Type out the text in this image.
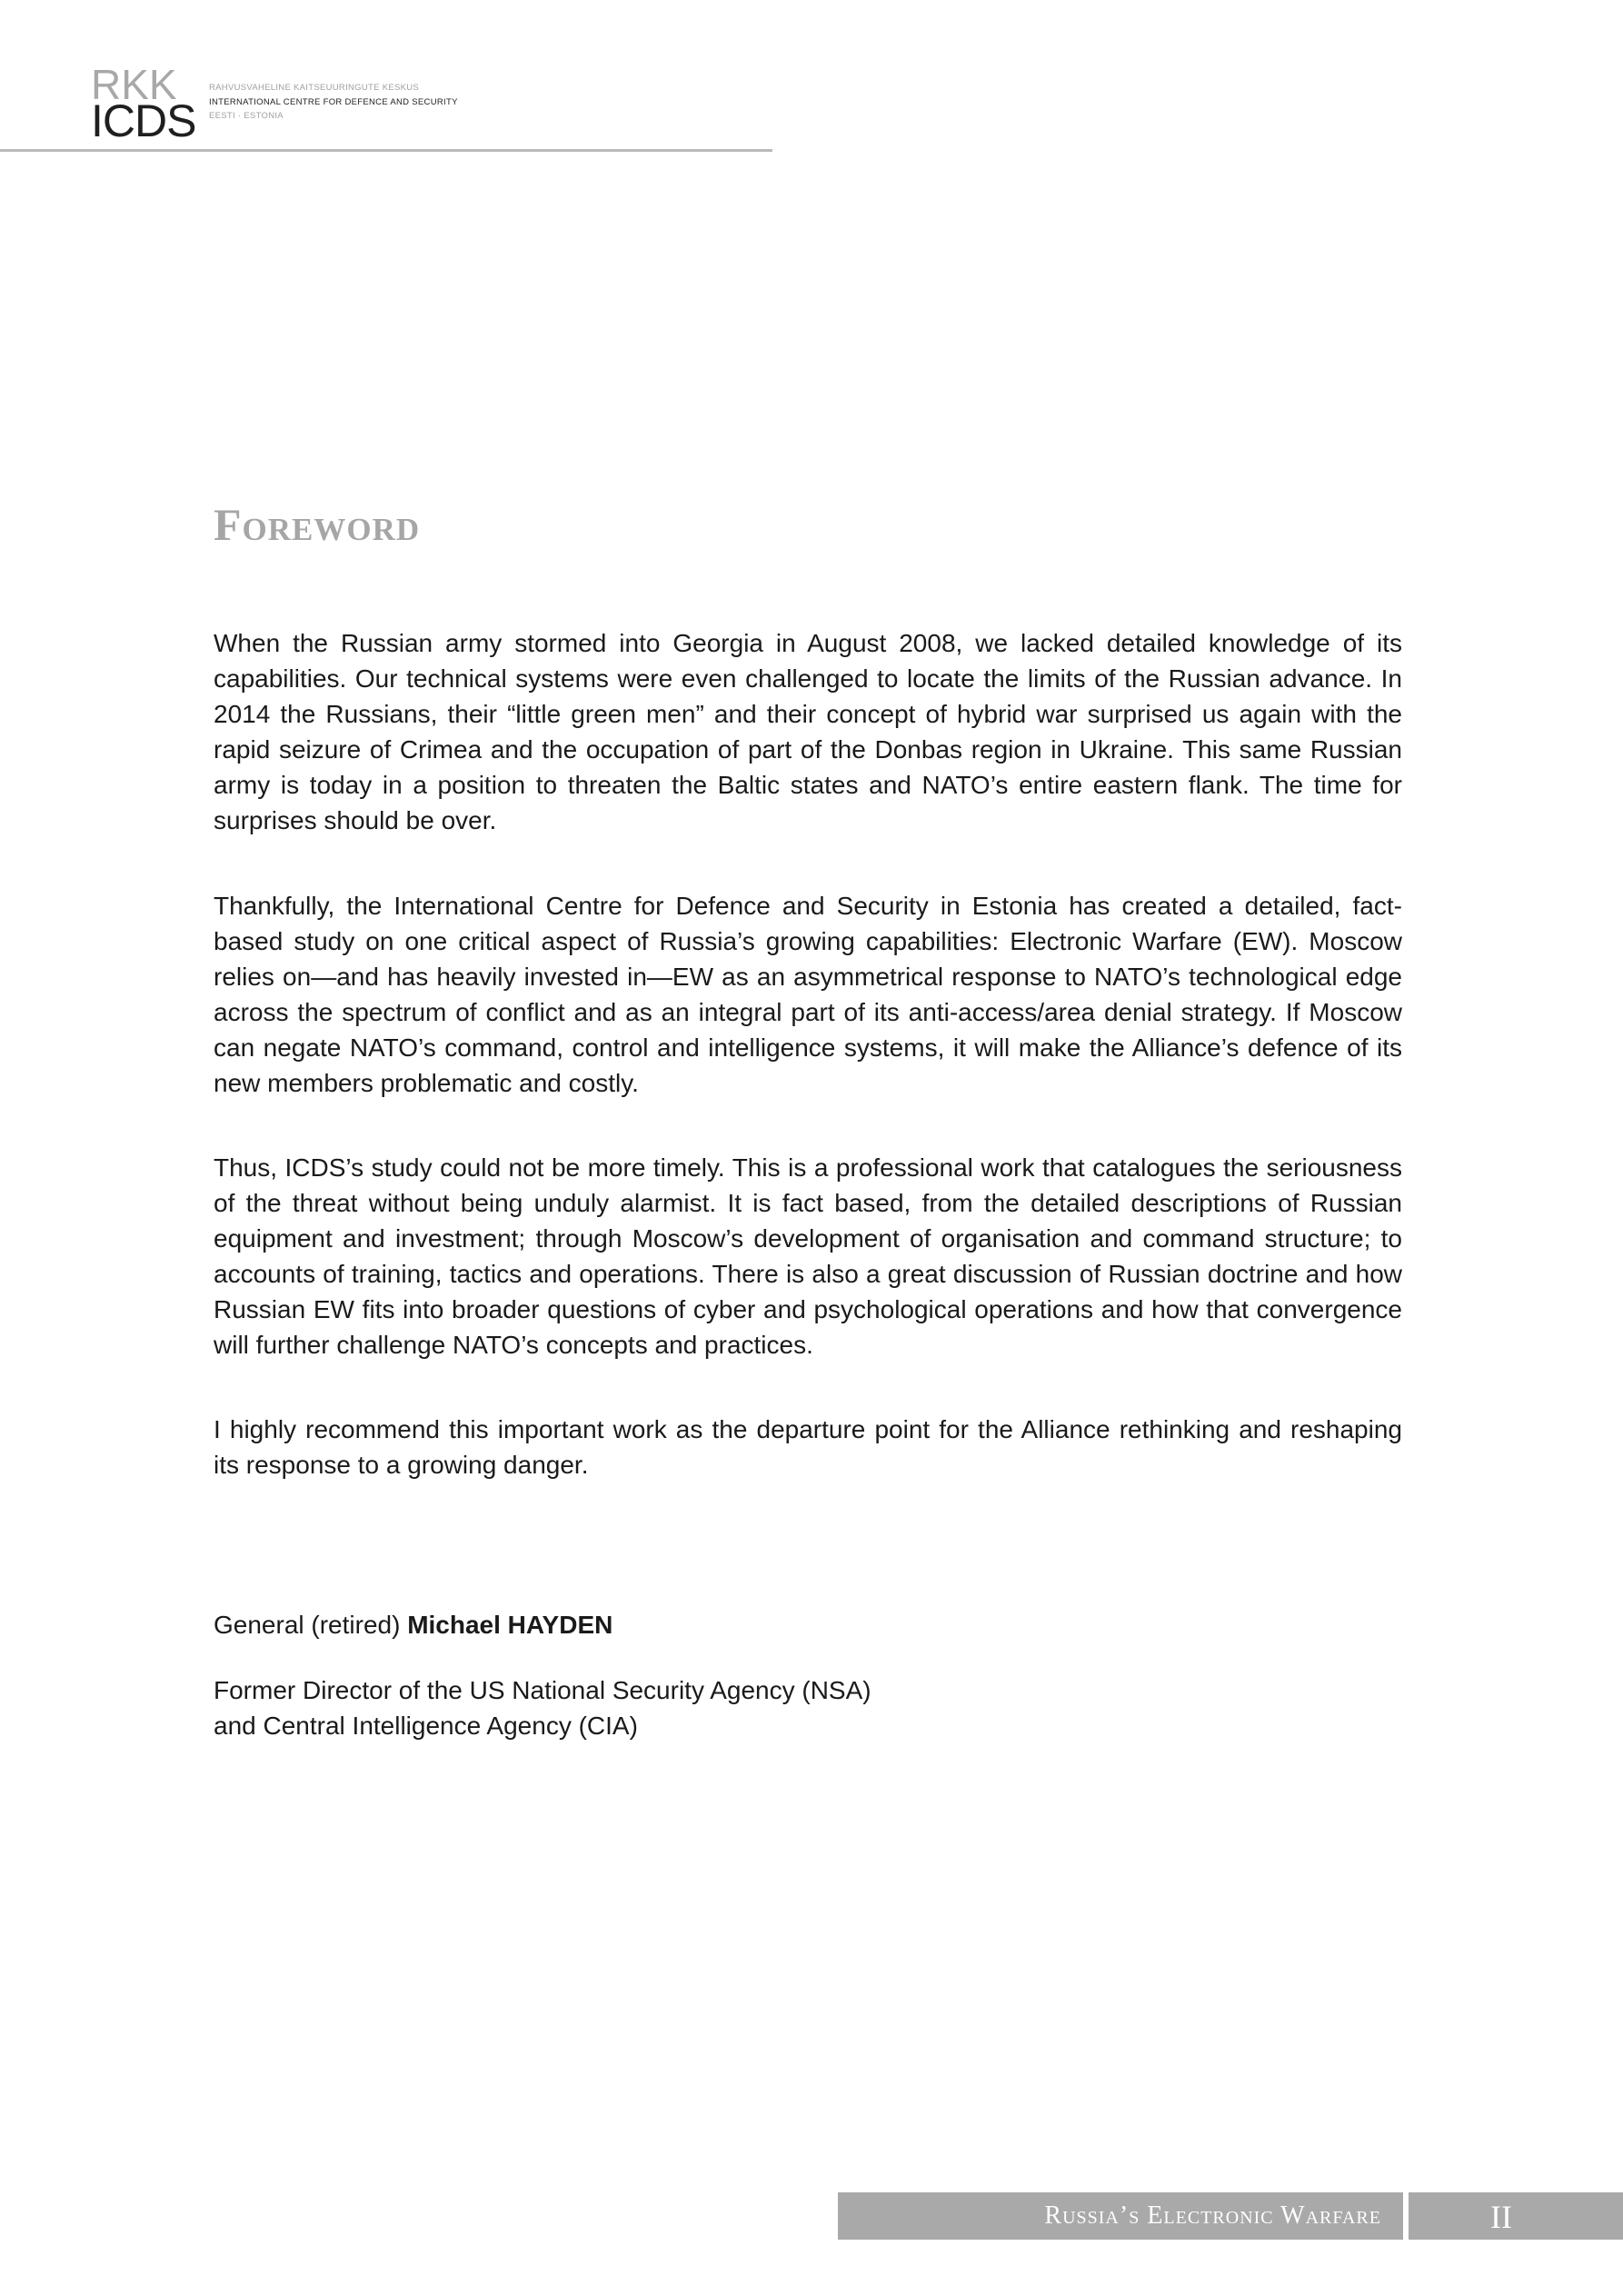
RKK
ICDS
RAHVUSVAHELINE KAITSEUURINGUTE KESKUS
INTERNATIONAL CENTRE FOR DEFENCE AND SECURITY
EESTI · ESTONIA
Foreword

When the Russian army stormed into Georgia in August 2008, we lacked detailed knowledge of its capabilities. Our technical systems were even challenged to locate the limits of the Russian advance. In 2014 the Russians, their “little green men” and their concept of hybrid war surprised us again with the rapid seizure of Crimea and the occupation of part of the Donbas region in Ukraine. This same Russian army is today in a position to threaten the Baltic states and NATO’s entire eastern flank. The time for surprises should be over.

Thankfully, the International Centre for Defence and Security in Estonia has created a detailed, fact-based study on one critical aspect of Russia’s growing capabilities: Electronic Warfare (EW). Moscow relies on—and has heavily invested in—EW as an asymmetrical response to NATO’s technological edge across the spectrum of conflict and as an integral part of its anti-access/area denial strategy. If Moscow can negate NATO’s command, control and intelligence systems, it will make the Alliance’s defence of its new members problematic and costly.

Thus, ICDS’s study could not be more timely. This is a professional work that catalogues the seriousness of the threat without being unduly alarmist. It is fact based, from the detailed descriptions of Russian equipment and investment; through Moscow’s development of organisation and command structure; to accounts of training, tactics and operations. There is also a great discussion of Russian doctrine and how Russian EW fits into broader questions of cyber and psychological operations and how that convergence will further challenge NATO’s concepts and practices.

I highly recommend this important work as the departure point for the Alliance rethinking and reshaping its response to a growing danger.

General (retired) Michael HAYDEN

Former Director of the US National Security Agency (NSA)
and Central Intelligence Agency (CIA)

Russia’s Electronic Warfare	II
